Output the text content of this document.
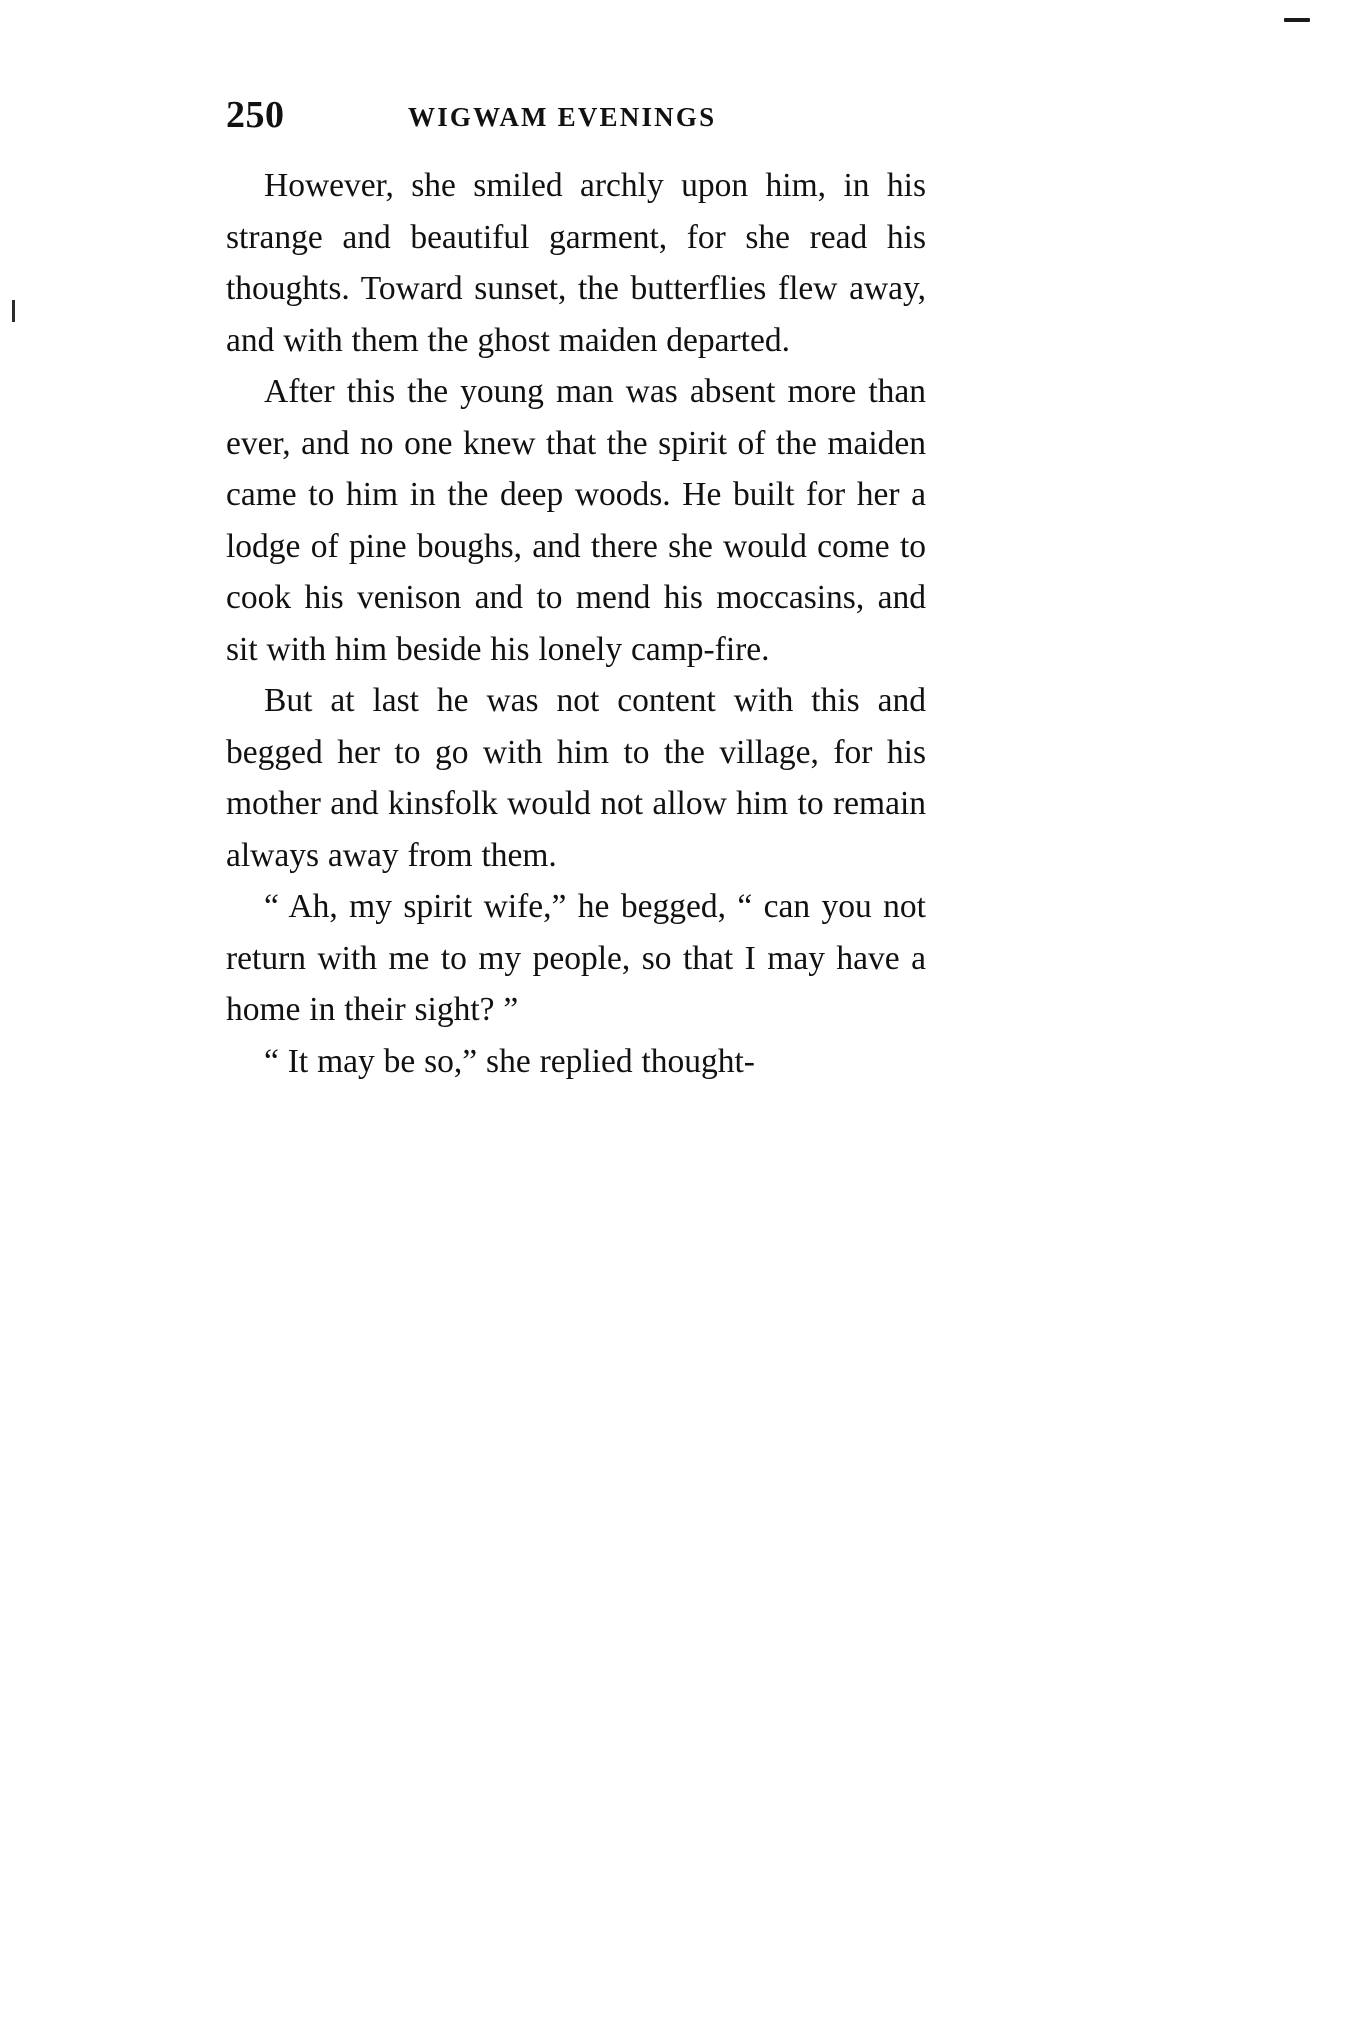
250	WIGWAM EVENINGS

However, she smiled archly upon him, in his strange and beautiful garment, for she read his thoughts. Toward sunset, the butterflies flew away, and with them the ghost maiden departed.

After this the young man was absent more than ever, and no one knew that the spirit of the maiden came to him in the deep woods. He built for her a lodge of pine boughs, and there she would come to cook his venison and to mend his moccasins, and sit with him beside his lonely camp-fire.

But at last he was not content with this and begged her to go with him to the village, for his mother and kinsfolk would not allow him to remain always away from them.

“ Ah, my spirit wife,” he begged, “ can you not return with me to my people, so that I may have a home in their sight? ”

“ It may be so,” she replied thought-
